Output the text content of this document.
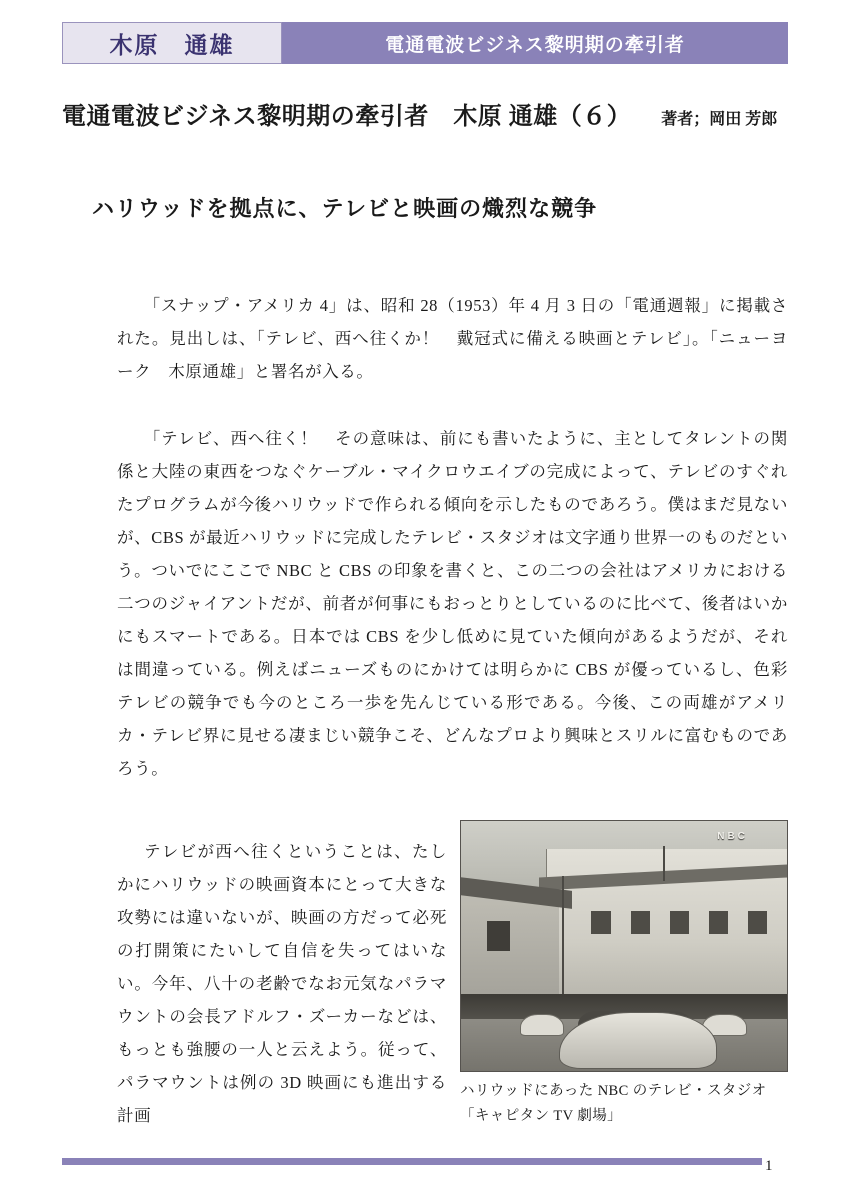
木原　通雄	電通電波ビジネス黎明期の牽引者
電通電波ビジネス黎明期の牽引者　木原 通雄（６） 著者；岡田 芳郎
ハリウッドを拠点に、テレビと映画の熾烈な競争

「スナップ・アメリカ 4」は、昭和 28（1953）年 4 月 3 日の「電通週報」に掲載された。見出しは、「テレビ、西へ往くか！　戴冠式に備える映画とテレビ」。「ニューヨーク　木原通雄」と署名が入る。

「テレビ、西へ往く！　その意味は、前にも書いたように、主としてタレントの関係と大陸の東西をつなぐケーブル・マイクロウエイブの完成によって、テレビのすぐれたプログラムが今後ハリウッドで作られる傾向を示したものであろう。僕はまだ見ないが、CBS が最近ハリウッドに完成したテレビ・スタジオは文字通り世界一のものだという。ついでにここで NBC と CBS の印象を書くと、この二つの会社はアメリカにおける二つのジャイアントだが、前者が何事にもおっとりとしているのに比べて、後者はいかにもスマートである。日本では CBS を少し低めに見ていた傾向があるようだが、それは間違っている。例えばニューズものにかけては明らかに CBS が優っているし、色彩テレビの競争でも今のところ一歩を先んじている形である。今後、この両雄がアメリカ・テレビ界に見せる凄まじい競争こそ、どんなプロより興味とスリルに富むものであろう。

テレビが西へ往くということは、たしかにハリウッドの映画資本にとって大きな攻勢には違いないが、映画の方だって必死の打開策にたいして自信を失ってはいない。今年、八十の老齢でなお元気なパラマウントの会長アドルフ・ズーカーなどは、もっとも強腰の一人と云えよう。従って、パラマウントは例の 3D 映画にも進出する計画

NBC
ハリウッドにあった NBC のテレビ・スタジオ「キャピタン TV 劇場」
1
